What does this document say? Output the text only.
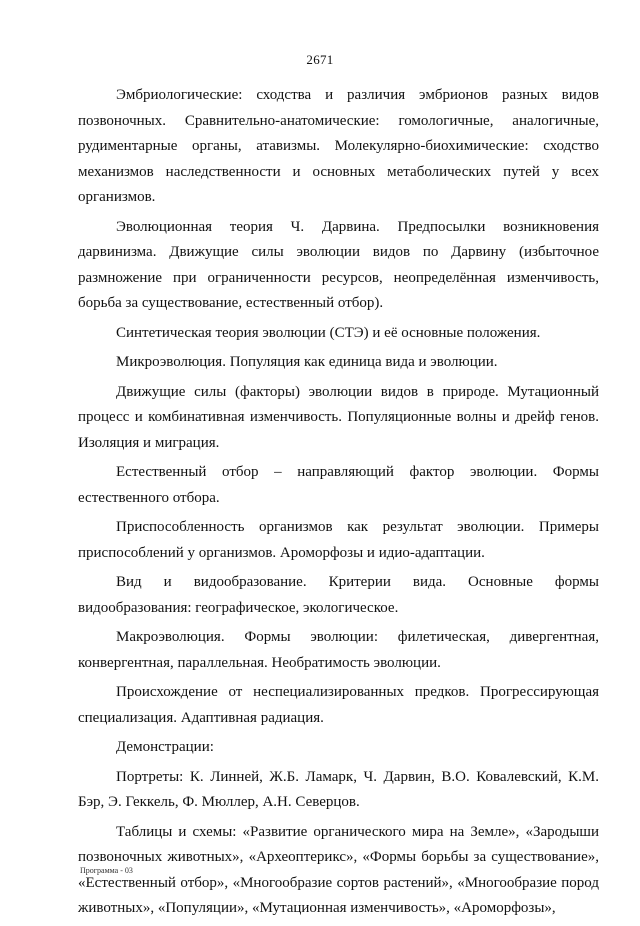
2671

Эмбриологические: сходства и различия эмбрионов разных видов позвоночных. Сравнительно-анатомические: гомологичные, аналогичные, рудиментарные органы, атавизмы. Молекулярно-биохимические: сходство механизмов наследственности и основных метаболических путей у всех организмов.

Эволюционная теория Ч. Дарвина. Предпосылки возникновения дарвинизма. Движущие силы эволюции видов по Дарвину (избыточное размножение при ограниченности ресурсов, неопределённая изменчивость, борьба за существование, естественный отбор).

Синтетическая теория эволюции (СТЭ) и её основные положения.

Микроэволюция. Популяция как единица вида и эволюции.

Движущие силы (факторы) эволюции видов в природе. Мутационный процесс и комбинативная изменчивость. Популяционные волны и дрейф генов. Изоляция и миграция.

Естественный отбор – направляющий фактор эволюции. Формы естественного отбора.

Приспособленность организмов как результат эволюции. Примеры приспособлений у организмов. Ароморфозы и идио-адаптации.

Вид и видообразование. Критерии вида. Основные формы видообразования: географическое, экологическое.

Макроэволюция. Формы эволюции: филетическая, дивергентная, конвергентная, параллельная. Необратимость эволюции.

Происхождение от неспециализированных предков. Прогрессирующая специализация. Адаптивная радиация.

Демонстрации:

Портреты: К. Линней, Ж.Б. Ламарк, Ч. Дарвин, В.О. Ковалевский, К.М. Бэр, Э. Геккель, Ф. Мюллер, А.Н. Северцов.

Таблицы и схемы: «Развитие органического мира на Земле», «Зародыши позвоночных животных», «Археоптерикс», «Формы борьбы за существование», «Естественный отбор», «Многообразие сортов растений», «Многообразие пород животных», «Популяции», «Мутационная изменчивость», «Ароморфозы»,

Программа - 03
